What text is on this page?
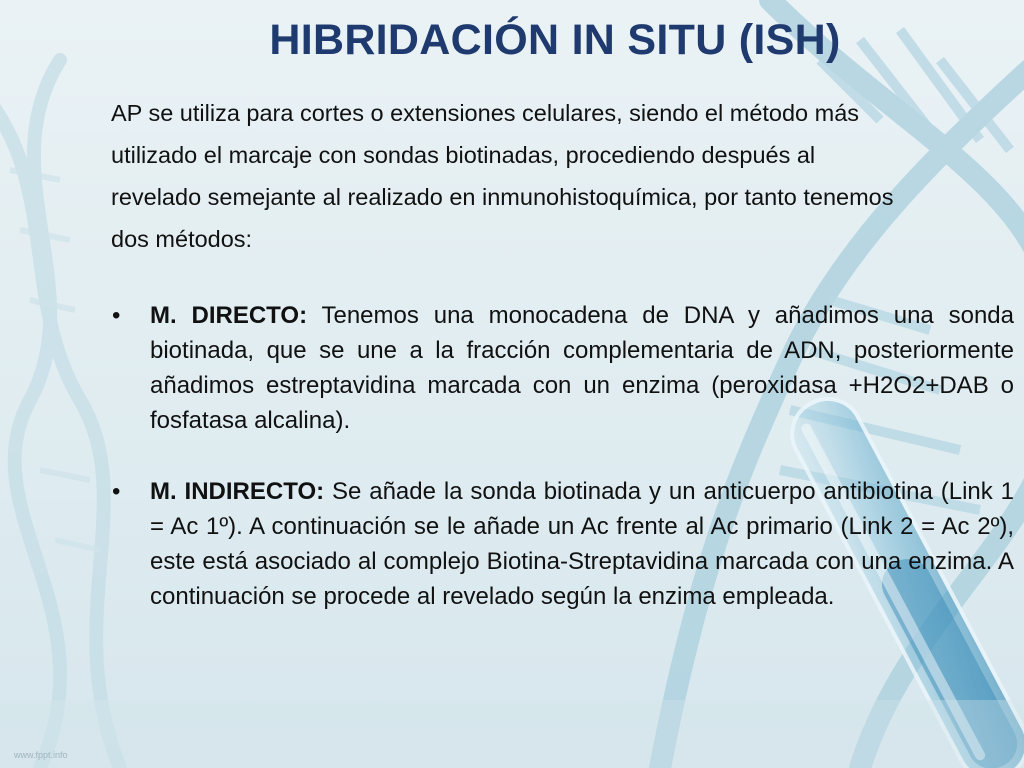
HIBRIDACIÓN IN SITU (ISH)

AP se utiliza para cortes o extensiones celulares, siendo el método más utilizado el marcaje con sondas biotinadas, procediendo después al revelado semejante al realizado en inmunohistoquímica, por tanto tenemos dos métodos:

• M. DIRECTO: Tenemos una monocadena de DNA y añadimos una sonda biotinada, que se une a la fracción complementaria de ADN, posteriormente añadimos estreptavidina marcada con un enzima (peroxidasa +H2O2+DAB o fosfatasa alcalina).
• M. INDIRECTO: Se añade la sonda biotinada y un anticuerpo antibiotina (Link 1 = Ac 1º). A continuación se le añade un Ac frente al Ac primario (Link 2 = Ac 2º), este está asociado al complejo Biotina-Streptavidina marcada con una enzima. A continuación se procede al revelado según la enzima empleada.
www.fppt.info
